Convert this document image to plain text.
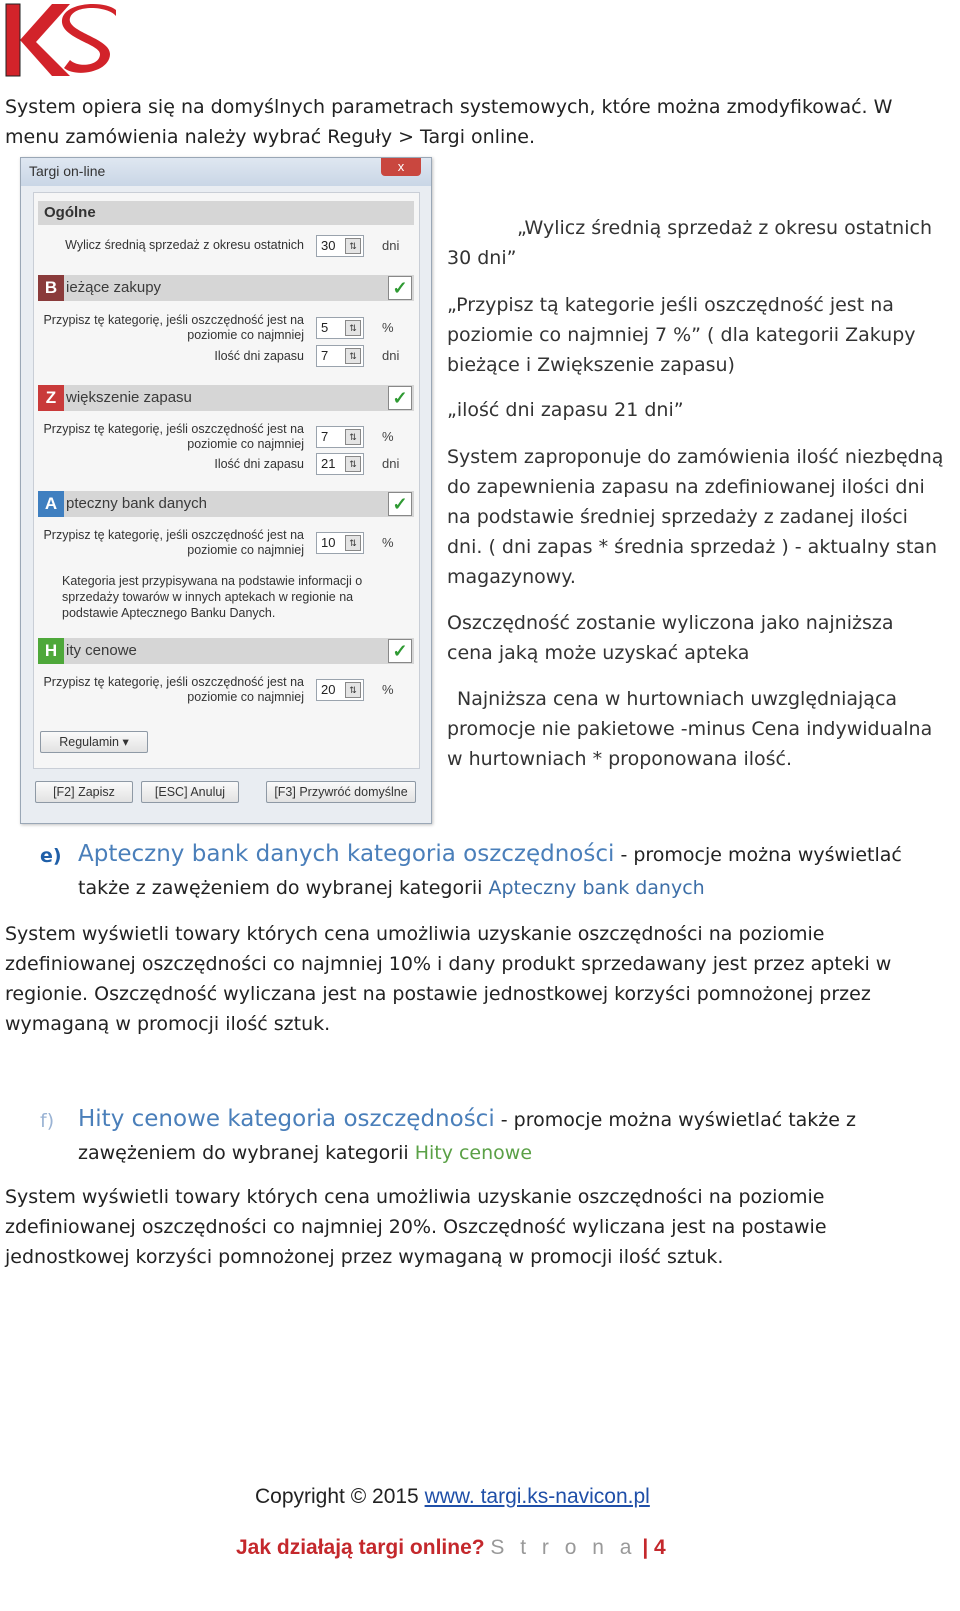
System opiera się na domyślnych parametrach systemowych, które można zmodyfikować. W menu zamówienia należy wybrać Reguły > Targi online.
Targi on-line	x
Ogólne
Wylicz średnią sprzedaż z okresu ostatnich 30	⇅	dni
B ieżące zakupy	✓
Przypisz tę kategorię, jeśli oszczędność jest na poziomie co najmniej 5	⇅	%
Ilość dni zapasu 7	⇅	dni
Z większenie zapasu	✓
Przypisz tę kategorię, jeśli oszczędność jest na poziomie co najmniej 7	⇅	%
Ilość dni zapasu 21	⇅	dni
A pteczny bank danych	✓
Przypisz tę kategorię, jeśli oszczędność jest na poziomie co najmniej 10	⇅	%
Kategoria jest przypisywana na podstawie informacji o sprzedaży towarów w innych aptekach w regionie na podstawie Aptecznego Banku Danych.
H ity cenowe	✓
Przypisz tę kategorię, jeśli oszczędność jest na poziomie co najmniej 20	⇅	%
Regulamin ▾
[F2] Zapisz	[ESC] Anuluj	[F3] Przywróć domyślne
„Wylicz średnią sprzedaż z okresu ostatnich 30 dni”
„Przypisz tą kategorie jeśli oszczędność jest na poziomie co najmniej 7 %” ( dla kategorii Zakupy bieżące i Zwiększenie zapasu)
„ilość dni zapasu 21 dni”
System zaproponuje do zamówienia ilość niezbędną do zapewnienia zapasu na zdefiniowanej ilości dni na podstawie średniej sprzedaży z zadanej ilości dni. ( dni zapas * średnia sprzedaż ) - aktualny stan magazynowy.
Oszczędność zostanie wyliczona jako najniższa cena jaką może uzyskać apteka
Najniższa cena w hurtowniach uwzględniająca promocje nie pakietowe -minus Cena indywidualna w hurtowniach * proponowana ilość.
e) Apteczny bank danych kategoria oszczędności - promocje można wyświetlać także z zawężeniem do wybranej kategorii Apteczny bank danych
System wyświetli towary których cena umożliwia uzyskanie oszczędności na poziomie zdefiniowanej oszczędności co najmniej 10% i dany produkt sprzedawany jest przez apteki w regionie. Oszczędność wyliczana jest na postawie jednostkowej korzyści pomnożonej przez wymaganą w promocji ilość sztuk.
f) Hity cenowe kategoria oszczędności - promocje można wyświetlać także z zawężeniem do wybranej kategorii Hity cenowe
System wyświetli towary których cena umożliwia uzyskanie oszczędności na poziomie zdefiniowanej oszczędności co najmniej 20%. Oszczędność wyliczana jest na postawie jednostkowej korzyści pomnożonej przez wymaganą w promocji ilość sztuk.
Copyright © 2015 www. targi.ks-navicon.pl
Jak działają targi online? S t r o n a | 4
